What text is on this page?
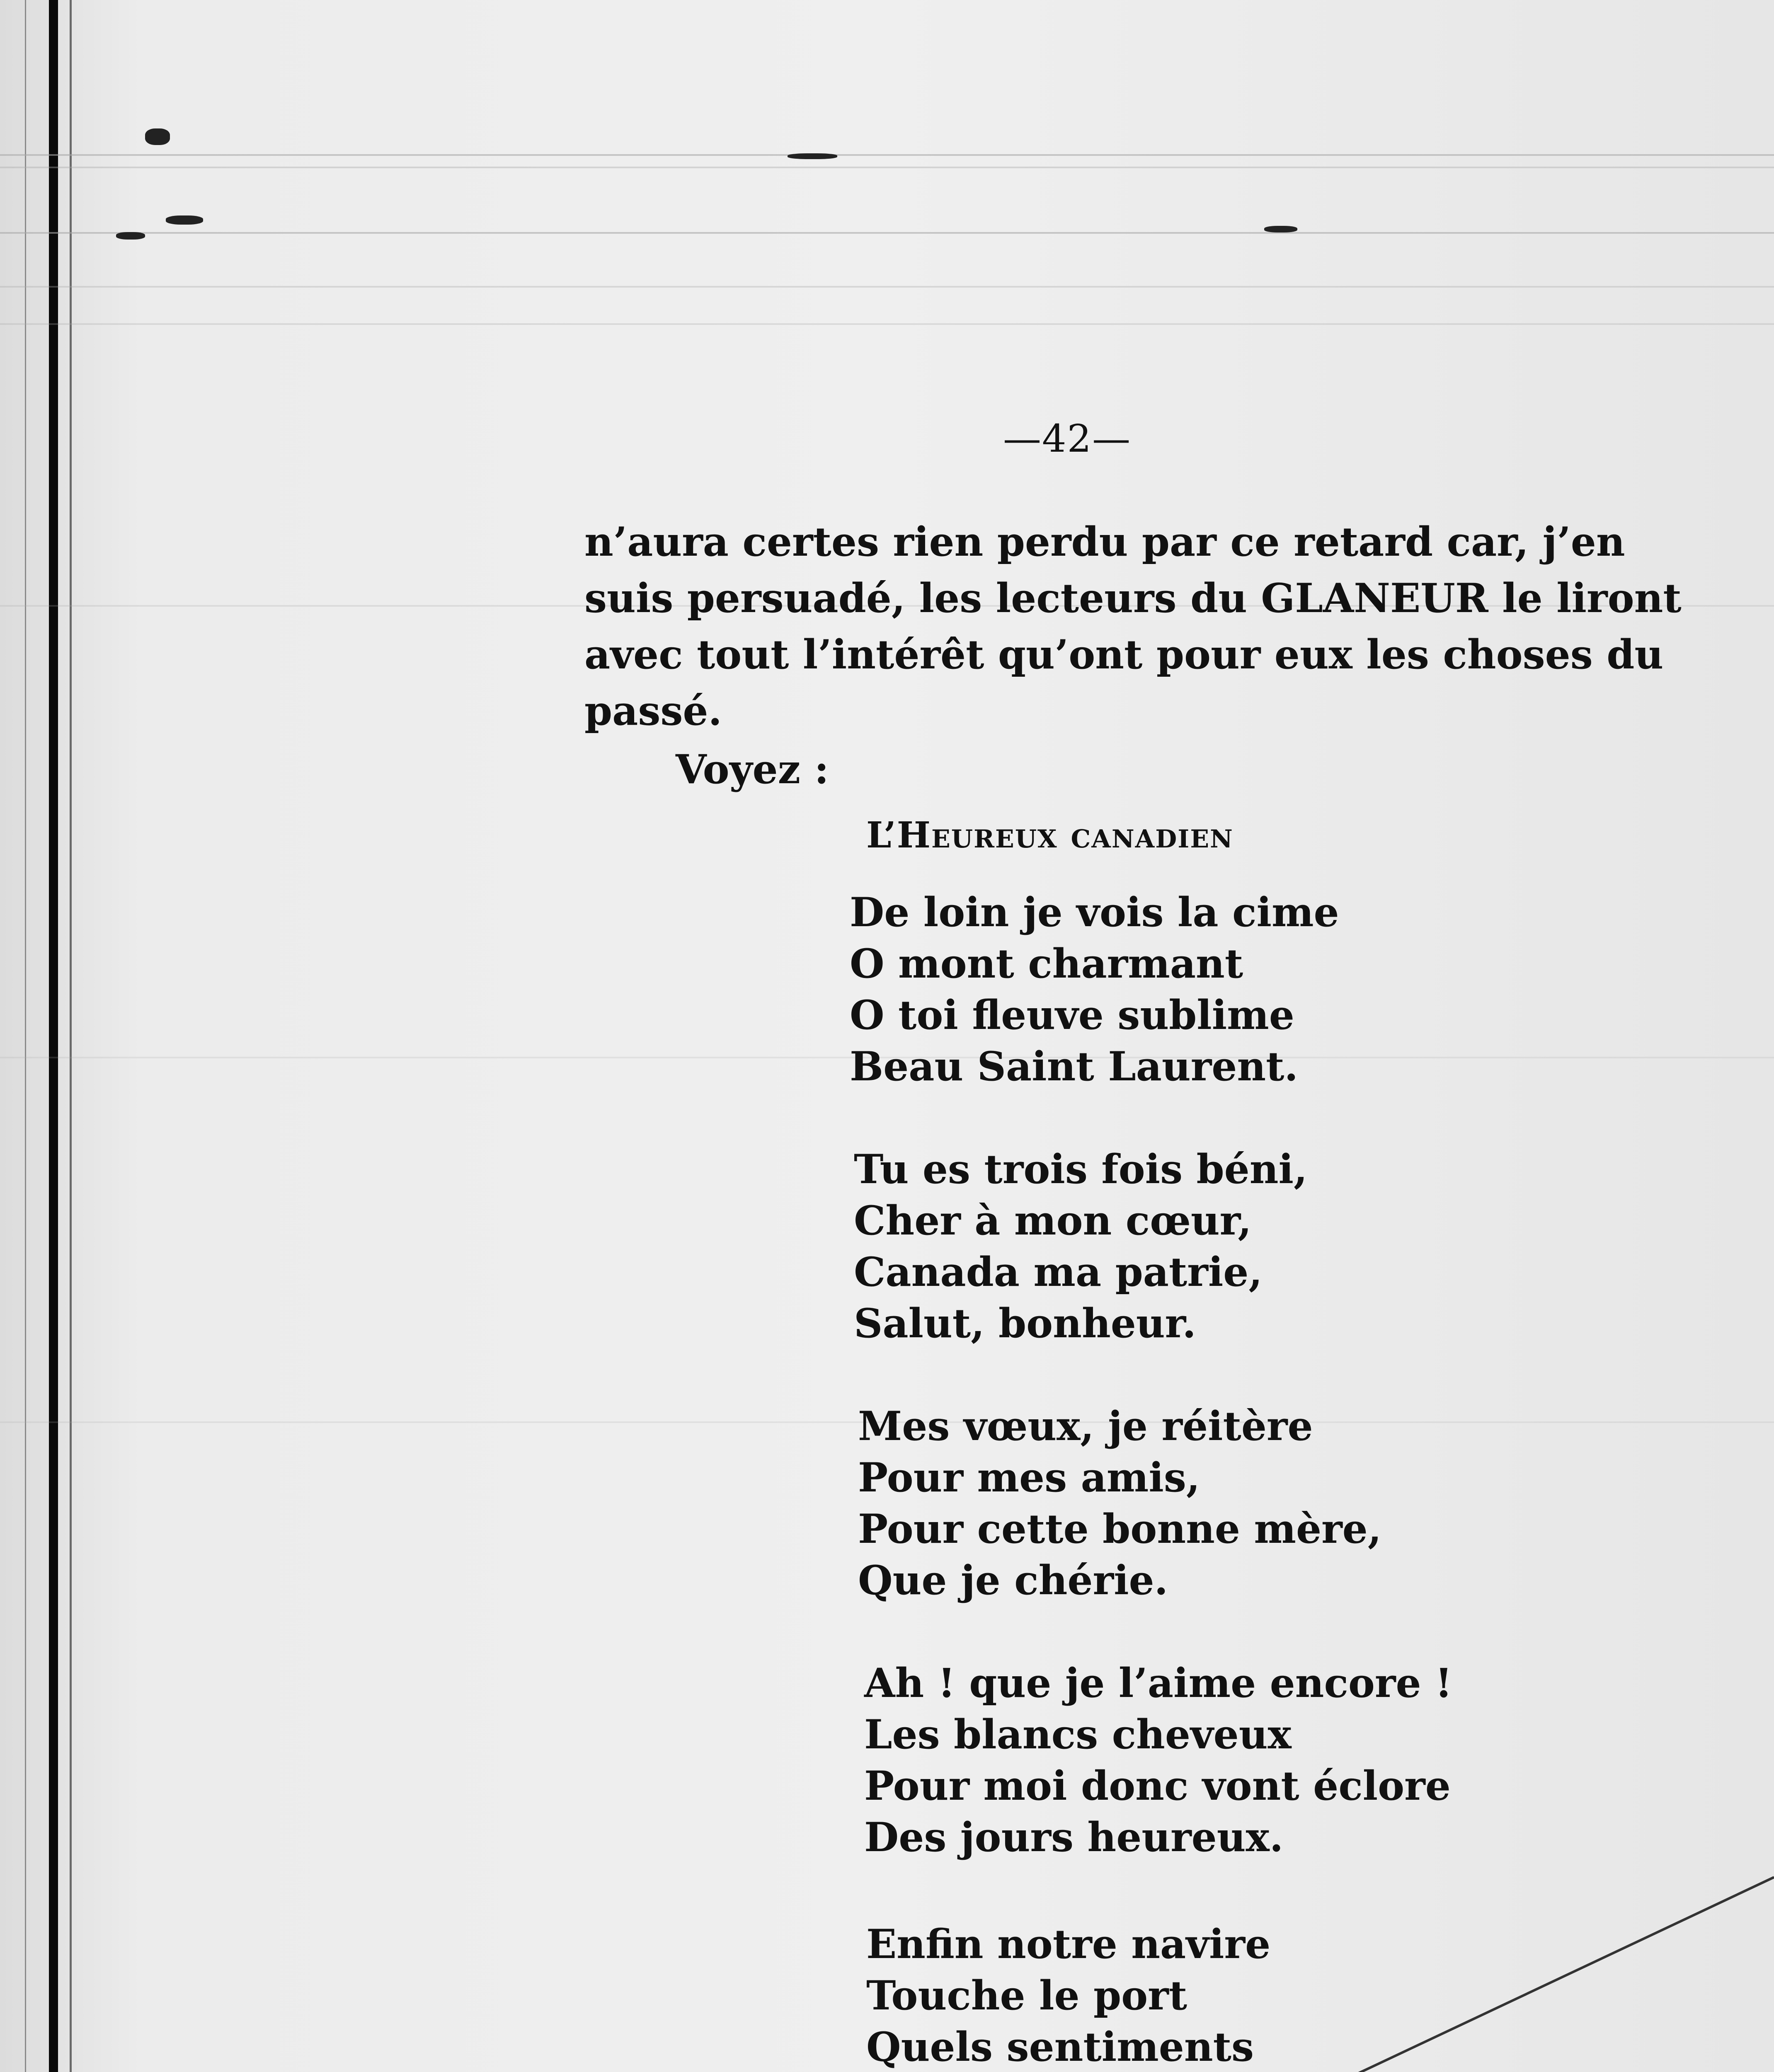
—42—

n’aura certes rien perdu par ce retard car, j’en

suis persuadé, les lecteurs du GLANEUR le liront

avec tout l’intérêt qu’ont pour eux les choses du

passé.

Voyez :
L’Heureux canadien
De loin je vois la cime
O mont charmant
O toi fleuve sublime
Beau Saint Laurent.
Tu es trois fois béni,
Cher à mon cœur,
Canada ma patrie,
Salut, bonheur.
Mes vœux, je réitère
Pour mes amis,
Pour cette bonne mère,
Que je chérie.
Ah ! que je l’aime encore !
Les blancs cheveux
Pour moi donc vont éclore
Des jours heureux.
Enfin notre navire
Touche le port
Quels sentiments
